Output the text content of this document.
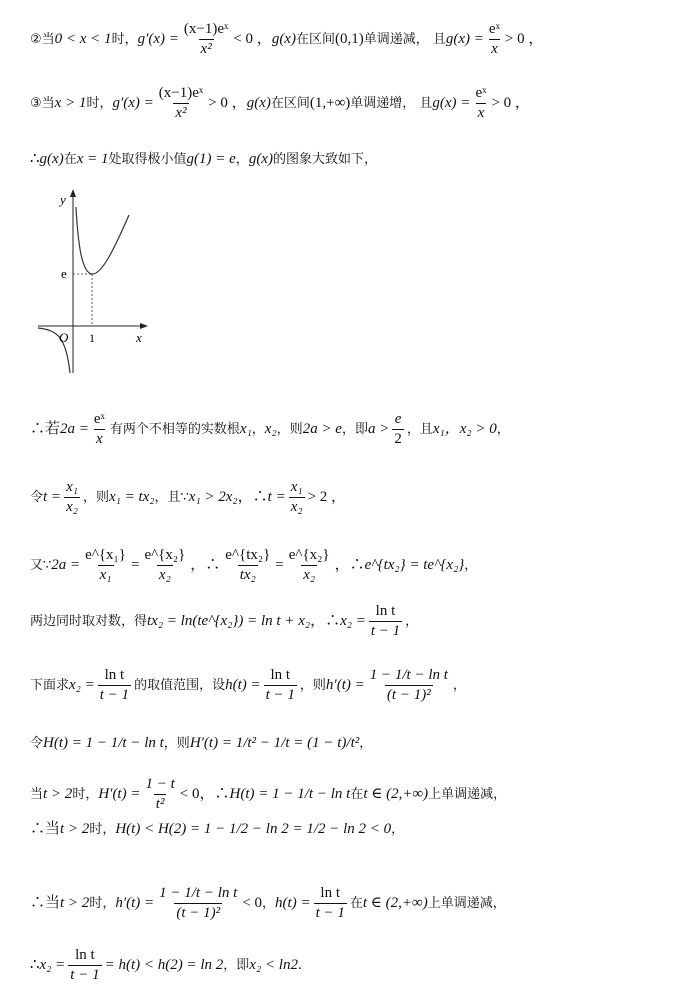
②当 0 < x < 1 时， $g'(x) = \frac{\text{(x−1)eˣ}}{\text{x²}} < 0$ ， g(x) 在区间 (0,1) 单调递减， 且 $g(x) = \frac{\text{eˣ}}{x} > 0$ ，
③当 x > 1 时， $g'(x) = \frac{\text{(x−1)eˣ}}{\text{x²}} > 0$ ， g(x) 在区间 (1,+∞) 单调递增， 且 $g(x) = \frac{\text{eˣ}}{x} > 0$ ，
∴ g(x) 在 x = 1 处取得极小值 g(1) = e ， g(x) 的图象大致如下，
y
x
O 1
e
∴若 $2a = \frac{\text{eˣ}}{x}$ 有两个不相等的实数根 x₁ ， x₂ ，则 2a > e ，即 $a > \frac{e}{2}$ ，且 x₁， x₂ > 0 ，
令 $t = \frac{\text{x₁}}{\text{x₂}}$ ，则 x₁ = tx₂ ，且∵ x₁ > 2x₂ ，∴ $t = \frac{\text{x₁}}{\text{x₂}} > 2$ ，
又∵ $2a = \frac{\text{e\textasciicircum{}\{x₁\}}}{\text{x₁}} = \frac{\text{e\textasciicircum{}\{x₂\}}}{\text{x₂}}$ ，∴ $\frac{\text{e\textasciicircum{}\{tx₂\}}}{\text{tx₂}} = \frac{\text{e\textasciicircum{}\{x₂\}}}{\text{x₂}}$ ，∴ e^{tx₂} = te^{x₂} ，
两边同时取对数，得 tx₂ = ln(te^{x₂}) = ln t + x₂ ，∴ $x_2 = \frac{\text{ln t}}{t - 1}$ ，
下面求 $x_2 = \frac{\text{ln t}}{t - 1}$ 的取值范围，设 $h(t) = \frac{\text{ln t}}{t - 1}$ ，则 $h'(t) = \frac{\text{1 − 1/t − ln t}}{\text{(t − 1)²}}$ ，
令 H(t) = 1 − 1/t − ln t ，则 H′(t) = 1/t² − 1/t = (1 − t)/t² ，
当 t > 2 时， $H'(t) = \frac{1 - t}{\text{t²}} < 0$ ，∴ H(t) = 1 − 1/t − ln t 在 t ∈ (2,+∞) 上单调递减，
∴当 t > 2 时， H(t) < H(2) = 1 − 1/2 − ln 2 = 1/2 − ln 2 < 0 ，
∴当 t > 2 时， $h'(t) = \frac{\text{1 − 1/t − ln t}}{\text{(t − 1)²}} < 0$ ， $h(t) = \frac{\text{ln t}}{t - 1}$ 在 t ∈ (2,+∞) 上单调递减，
∴ $x_2 = \frac{\text{ln t}}{t - 1} = h(t) < h(2) = \ln 2$ ，即 x₂ < ln2 .
